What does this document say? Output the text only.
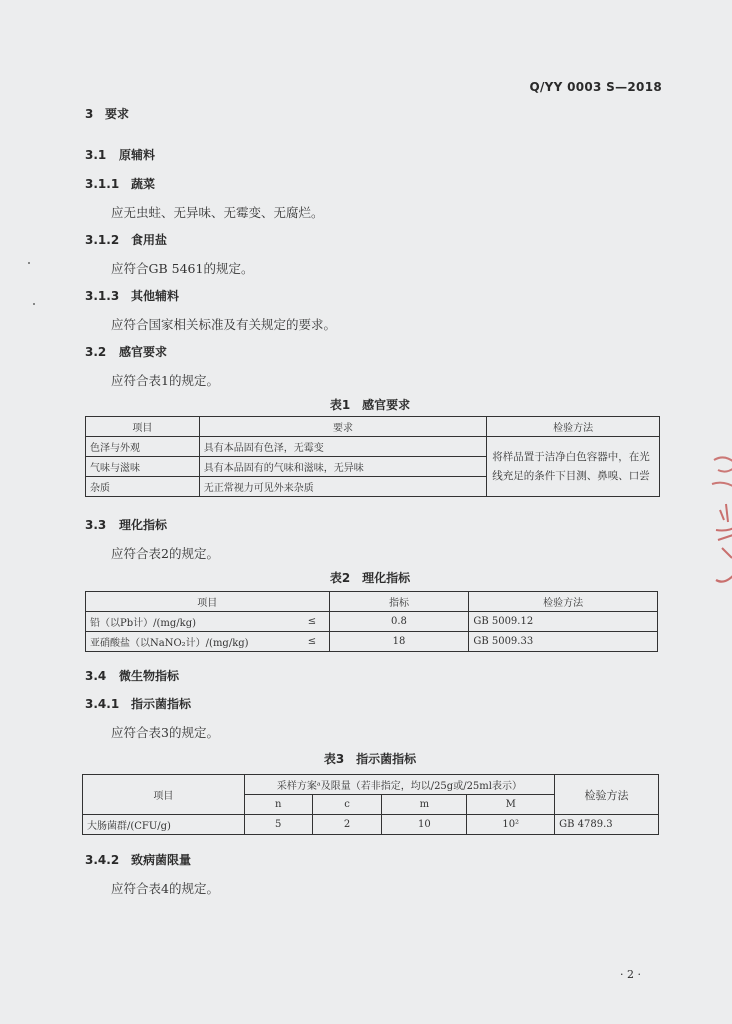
Q/YY 0003 S—2018
3 要求
3.1 原辅料
3.1.1 蔬菜
应无虫蛀、无异味、无霉变、无腐烂。
3.1.2 食用盐
应符合GB 5461的规定。
3.1.3 其他辅料
应符合国家相关标准及有关规定的要求。
3.2 感官要求
应符合表1的规定。
表1　感官要求
项目	要求	检验方法
色泽与外观	具有本品固有色泽，无霉变	将样品置于洁净白色容器中，在光线充足的条件下目测、鼻嗅、口尝
气味与滋味	具有本品固有的气味和滋味，无异味	
杂质	无正常视力可见外来杂质	
3.3 理化指标
应符合表2的规定。
表2　理化指标
项目		指标	检验方法
铅（以Pb计）/(mg/kg)	≤	0.8	GB 5009.12
亚硝酸盐（以NaNO₂计）/(mg/kg)	≤	18	GB 5009.33
3.4 微生物指标
3.4.1 指示菌指标
应符合表3的规定。
表3　指示菌指标
项目	采样方案ᵃ及限量（若非指定，均以/25g或/25ml表示）				检验方法
	n	c	m	M	
大肠菌群/(CFU/g)	5	2	10	10²	GB 4789.3
3.4.2 致病菌限量
应符合表4的规定。
· 2 ·
